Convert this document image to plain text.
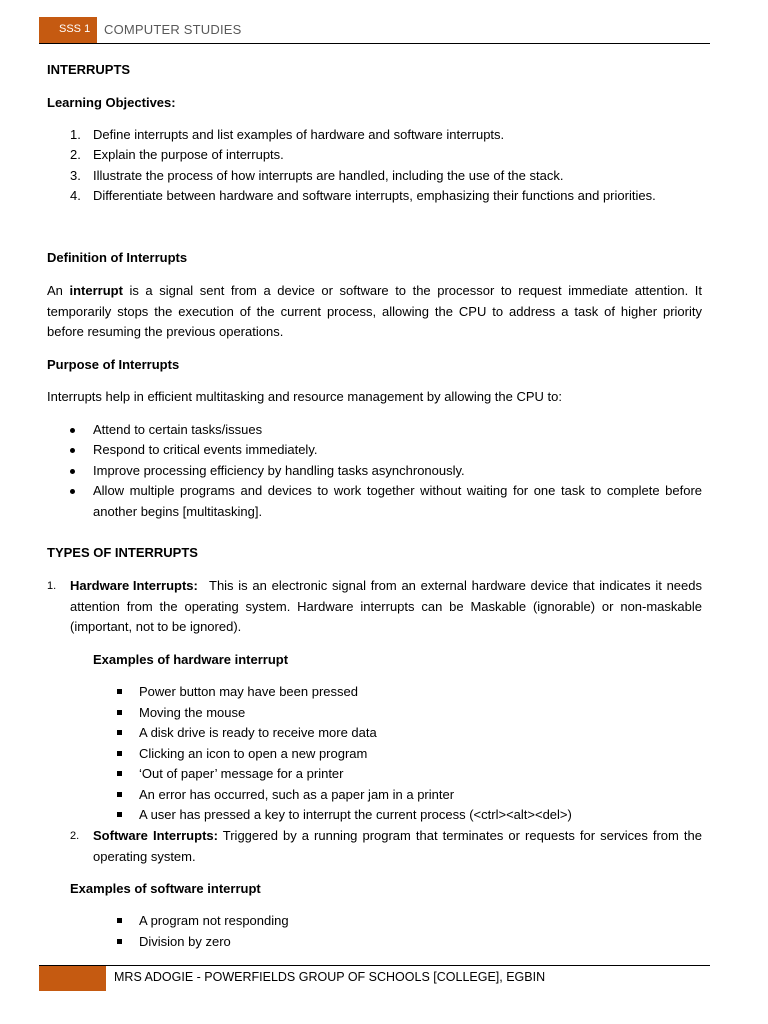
SSS 1 COMPUTER STUDIES
INTERRUPTS
Learning Objectives:
1. Define interrupts and list examples of hardware and software interrupts.
2. Explain the purpose of interrupts.
3. Illustrate the process of how interrupts are handled, including the use of the stack.
4. Differentiate between hardware and software interrupts, emphasizing their functions and priorities.
Definition of Interrupts
An interrupt is a signal sent from a device or software to the processor to request immediate attention. It temporarily stops the execution of the current process, allowing the CPU to address a task of higher priority before resuming the previous operations.
Purpose of Interrupts
Interrupts help in efficient multitasking and resource management by allowing the CPU to:
Attend to certain tasks/issues
Respond to critical events immediately.
Improve processing efficiency by handling tasks asynchronously.
Allow multiple programs and devices to work together without waiting for one task to complete before another begins [multitasking].
TYPES OF INTERRUPTS
1. Hardware Interrupts: This is an electronic signal from an external hardware device that indicates it needs attention from the operating system. Hardware interrupts can be Maskable (ignorable) or non-maskable (important, not to be ignored).
Examples of hardware interrupt
Power button may have been pressed
Moving the mouse
A disk drive is ready to receive more data
Clicking an icon to open a new program
‘Out of paper’ message for a printer
An error has occurred, such as a paper jam in a printer
A user has pressed a key to interrupt the current process (<ctrl><alt><del>)
2. Software Interrupts: Triggered by a running program that terminates or requests for services from the operating system.
Examples of software interrupt
A program not responding
Division by zero
MRS ADOGIE - POWERFIELDS GROUP OF SCHOOLS [COLLEGE], EGBIN
